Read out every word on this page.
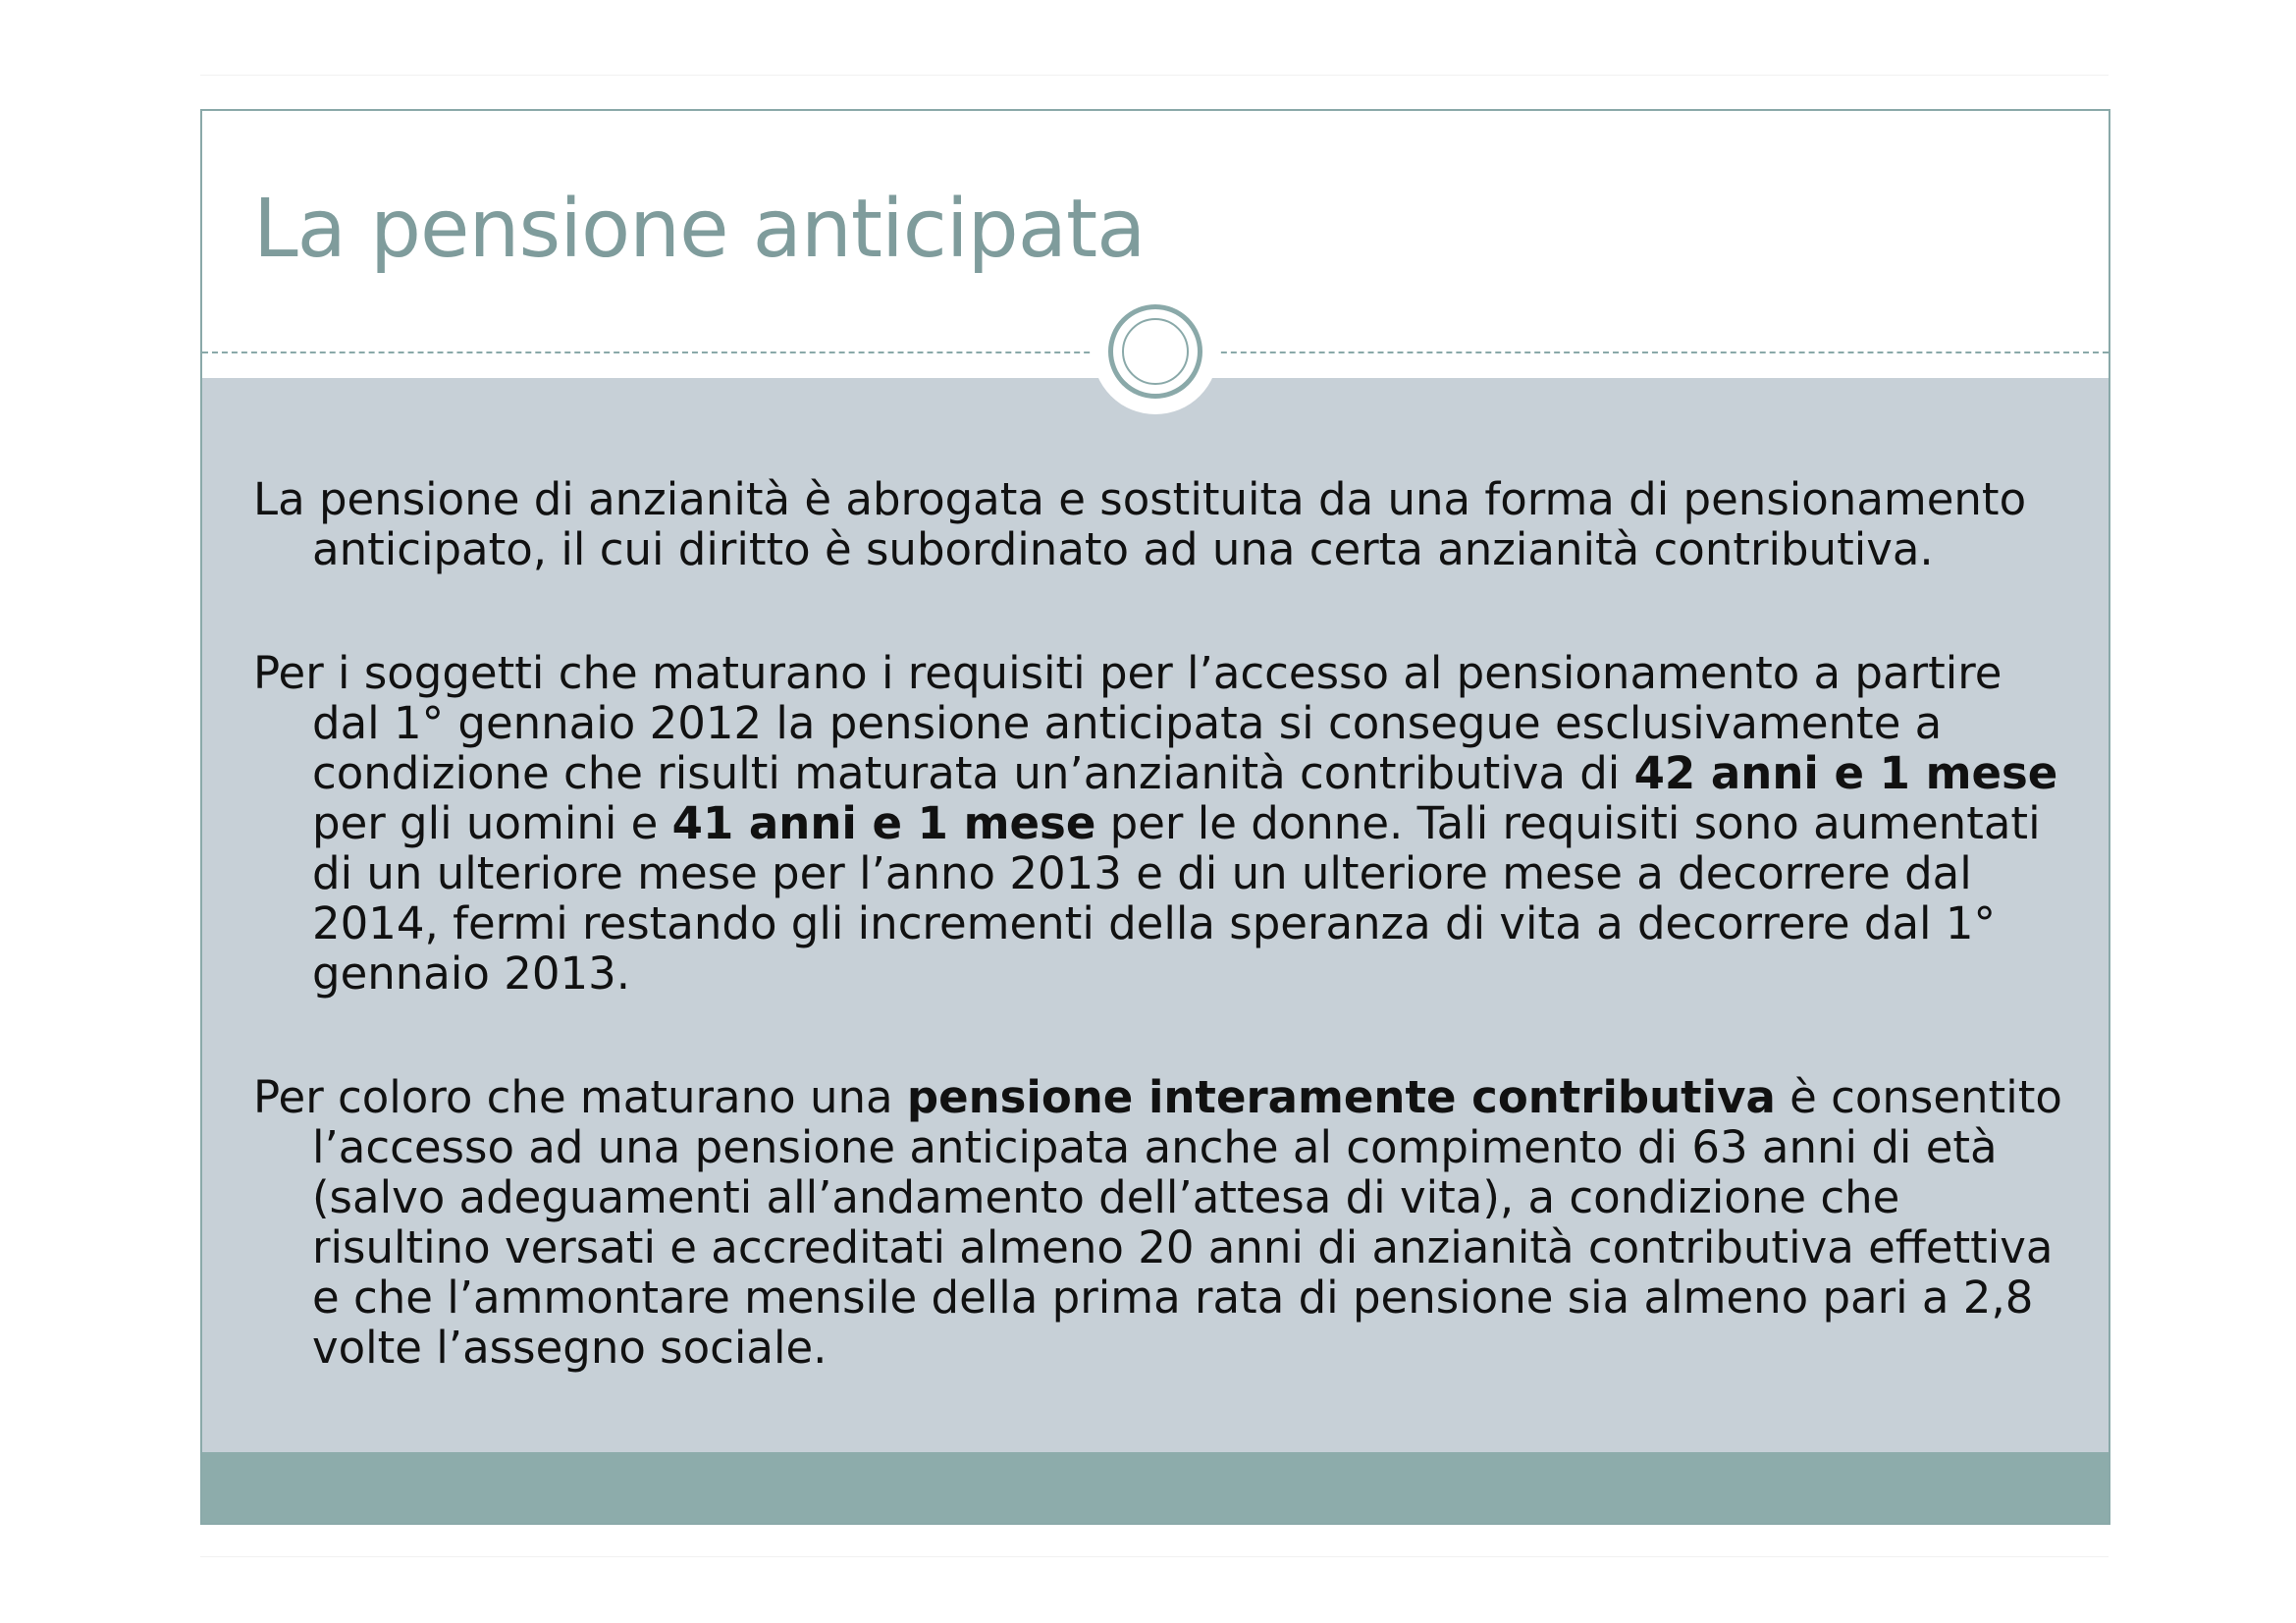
La pensione anticipata

La pensione di anzianità è abrogata e sostituita da una forma di pensionamento anticipato, il cui diritto è subordinato ad una certa anzianità contributiva.

Per i soggetti che maturano i requisiti per l’accesso al pensionamento a partire dal 1° gennaio 2012 la pensione anticipata si consegue esclusivamente a condizione che risulti maturata un’anzianità contributiva di 42 anni e 1 mese per gli uomini e 41 anni e 1 mese per le donne. Tali requisiti sono aumentati di un ulteriore mese per l’anno 2013 e di un ulteriore mese a decorrere dal 2014, fermi restando gli incrementi della speranza di vita a decorrere dal 1° gennaio 2013.

Per coloro che maturano una pensione interamente contributiva è consentito l’accesso ad una pensione anticipata anche al compimento di 63 anni di età (salvo adeguamenti all’andamento dell’attesa di vita), a condizione che risultino versati e accreditati almeno 20 anni di anzianità contributiva effettiva e che l’ammontare mensile della prima rata di pensione sia almeno pari a 2,8 volte l’assegno sociale.
